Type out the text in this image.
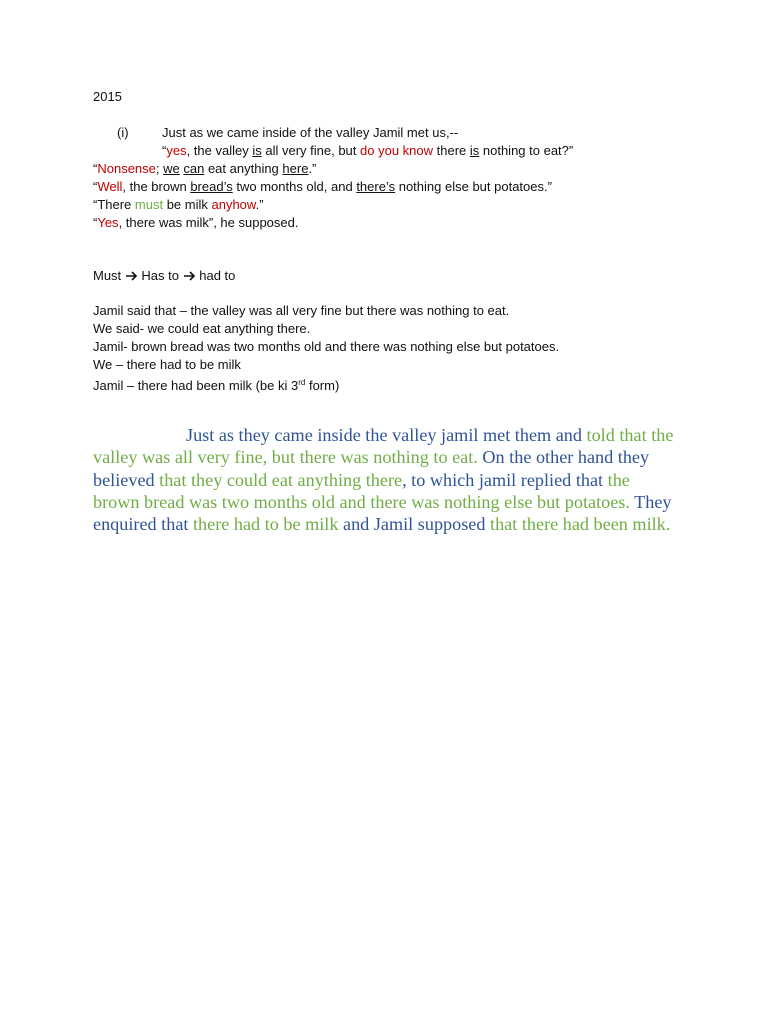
2015
(i)	Just as we came inside of the valley Jamil met us,--
“yes, the valley is all very fine, but do you know there is nothing to eat?”
“Nonsense; we can eat anything here.”
“Well, the brown bread’s two months old, and there’s nothing else but potatoes.”
“There must be milk anyhow.”
“Yes, there was milk”, he supposed.
Must Has to had to
Jamil said that – the valley was all very fine but there was nothing to eat.
We said- we could eat anything there.
Jamil- brown bread was two months old and there was nothing else but potatoes.
We – there had to be milk
Jamil – there had been milk (be ki 3rd form)
Just as they came inside the valley jamil met them and told that the valley was all very fine, but there was nothing to eat. On the other hand they believed that they could eat anything there, to which jamil replied that the brown bread was two months old and there was nothing else but potatoes. They enquired that there had to be milk and Jamil supposed that there had been milk.
